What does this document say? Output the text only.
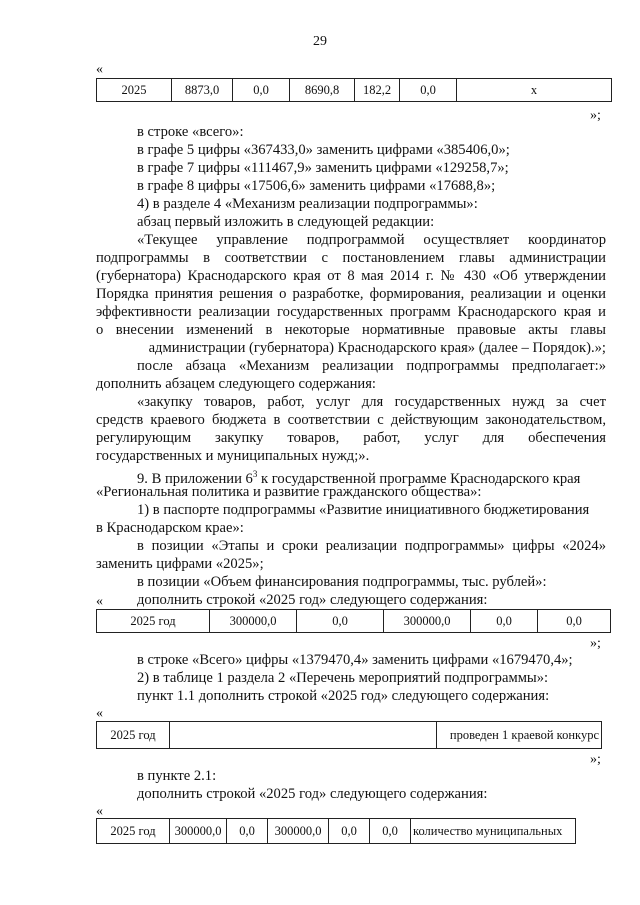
29
«
2025	8873,0	0,0	8690,8	182,2	0,0	x
»;
в строке «всего»:
в графе 5 цифры «367433,0» заменить цифрами «385406,0»;
в графе 7 цифры «111467,9» заменить цифрами «129258,7»;
в графе 8 цифры «17506,6» заменить цифрами «17688,8»;
4) в разделе 4 «Механизм реализации подпрограммы»:
абзац первый изложить в следующей редакции:
«Текущее управление подпрограммой осуществляет координатор
подпрограммы в соответствии с постановлением главы администрации
(губернатора) Краснодарского края от 8 мая 2014 г. № 430 «Об утверждении
Порядка принятия решения о разработке, формирования, реализации и оценки
эффективности реализации государственных программ Краснодарского края и
о внесении изменений в некоторые нормативные правовые акты главы
администрации (губернатора) Краснодарского края» (далее – Порядок).»;
после абзаца «Механизм реализации подпрограммы предполагает:»
дополнить абзацем следующего содержания:
«закупку товаров, работ, услуг для государственных нужд за счет
средств краевого бюджета в соответствии с действующим законодательством,
регулирующим закупку товаров, работ, услуг для обеспечения
государственных и муниципальных нужд;».
9. В приложении $6^3$ к государственной программе Краснодарского края
«Региональная политика и развитие гражданского общества»:
1) в паспорте подпрограммы «Развитие инициативного бюджетирования
в Краснодарском крае»:
в позиции «Этапы и сроки реализации подпрограммы» цифры «2024»
заменить цифрами «2025»;
в позиции «Объем финансирования подпрограммы, тыс. рублей»:
дополнить строкой «2025 год» следующего содержания:
«
2025 год	300000,0	0,0	300000,0	0,0	0,0
»;
в строке «Всего» цифры «1379470,4» заменить цифрами «1679470,4»;
2) в таблице 1 раздела 2 «Перечень мероприятий подпрограммы»:
пункт 1.1 дополнить строкой «2025 год» следующего содержания:
«
2025 год		проведен 1 краевой конкурс
»;
в пункте 2.1:
дополнить строкой «2025 год» следующего содержания:
«
2025 год	300000,0	0,0	300000,0	0,0	0,0	количество муниципальных
